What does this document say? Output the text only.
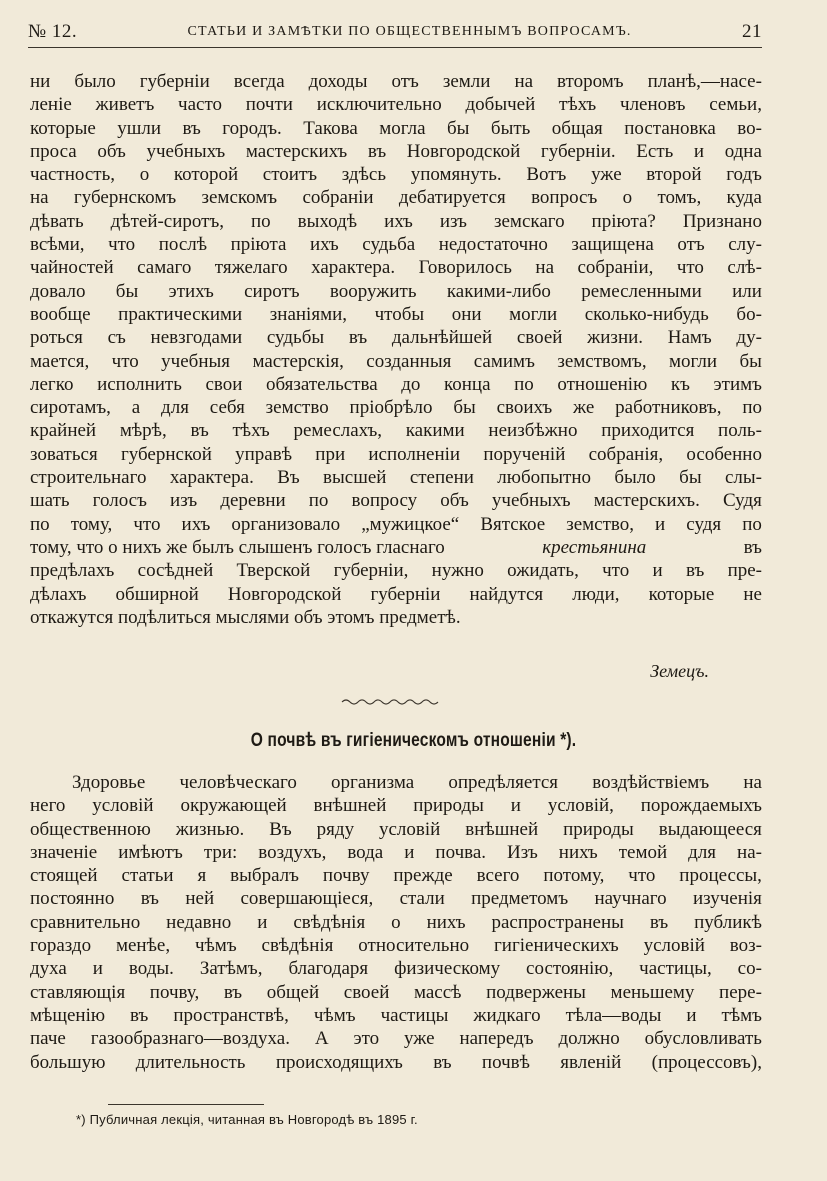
№ 12.	СТАТЬИ И ЗАМѢТКИ ПО ОБЩЕСТВЕННЫМЪ ВОПРОСАМЪ.	21
ни было губерніи всегда доходы отъ земли на второмъ планѣ,—насе-
леніе живетъ часто почти исключительно добычей тѣхъ членовъ семьи,
которые ушли въ городъ. Такова могла бы быть общая постановка во-
проса объ учебныхъ мастерскихъ въ Новгородской губерніи. Есть и одна
частность, о которой стоитъ здѣсь упомянуть. Вотъ уже второй годъ
на губернскомъ земскомъ собраніи дебатируется вопросъ о томъ, куда
дѣвать дѣтей-сиротъ, по выходѣ ихъ изъ земскаго пріюта? Признано
всѣми, что послѣ пріюта ихъ судьба недостаточно защищена отъ слу-
чайностей самаго тяжелаго характера. Говорилось на собраніи, что слѣ-
довало бы этихъ сиротъ вооружить какими-либо ремесленными или
вообще практическими знаніями, чтобы они могли сколько-нибудь бо-
роться съ невзгодами судьбы въ дальнѣйшей своей жизни. Намъ ду-
мается, что учебныя мастерскія, созданныя самимъ земствомъ, могли бы
легко исполнить свои обязательства до конца по отношенію къ этимъ
сиротамъ, а для себя земство пріобрѣло бы своихъ же работниковъ, по
крайней мѣрѣ, въ тѣхъ ремеслахъ, какими неизбѣжно приходится поль-
зоваться губернской управѣ при исполненіи порученій собранія, особенно
строительнаго характера. Въ высшей степени любопытно было бы слы-
шать голосъ изъ деревни по вопросу объ учебныхъ мастерскихъ. Судя
по тому, что ихъ организовало „мужицкое“ Вятское земство, и судя по
тому, что о нихъ же былъ слышенъ голосъ гласнаго
	крестьянина
	въ
предѣлахъ сосѣдней Тверской губерніи, нужно ожидать, что и въ пре-
дѣлахъ обширной Новгородской губерніи найдутся люди, которые не
откажутся подѣлиться мыслями объ этомъ предметѣ.
Земецъ.
О почвѣ въ гигіеническомъ отношеніи *).
Здоровье человѣческаго организма опредѣляется воздѣйствіемъ на
него условій окружающей внѣшней природы и условій, порождаемыхъ
общественною жизнью. Въ ряду условій внѣшней природы выдающееся
значеніе имѣютъ три: воздухъ, вода и почва. Изъ нихъ темой для на-
стоящей статьи я выбралъ почву прежде всего потому, что процессы,
постоянно въ ней совершающіеся, стали предметомъ научнаго изученія
сравнительно недавно и свѣдѣнія о нихъ распространены въ публикѣ
гораздо менѣе, чѣмъ свѣдѣнія относительно гигіеническихъ условій воз-
духа и воды. Затѣмъ, благодаря физическому состоянію, частицы, со-
ставляющія почву, въ общей своей массѣ подвержены меньшему пере-
мѣщенію въ пространствѣ, чѣмъ частицы жидкаго тѣла—воды и тѣмъ
паче газообразнаго—воздуха. А это уже напередъ должно обусловливать
большую длительность происходящихъ въ почвѣ явленій (процессовъ),
*) Публичная лекція, читанная въ Новгородѣ въ 1895 г.
